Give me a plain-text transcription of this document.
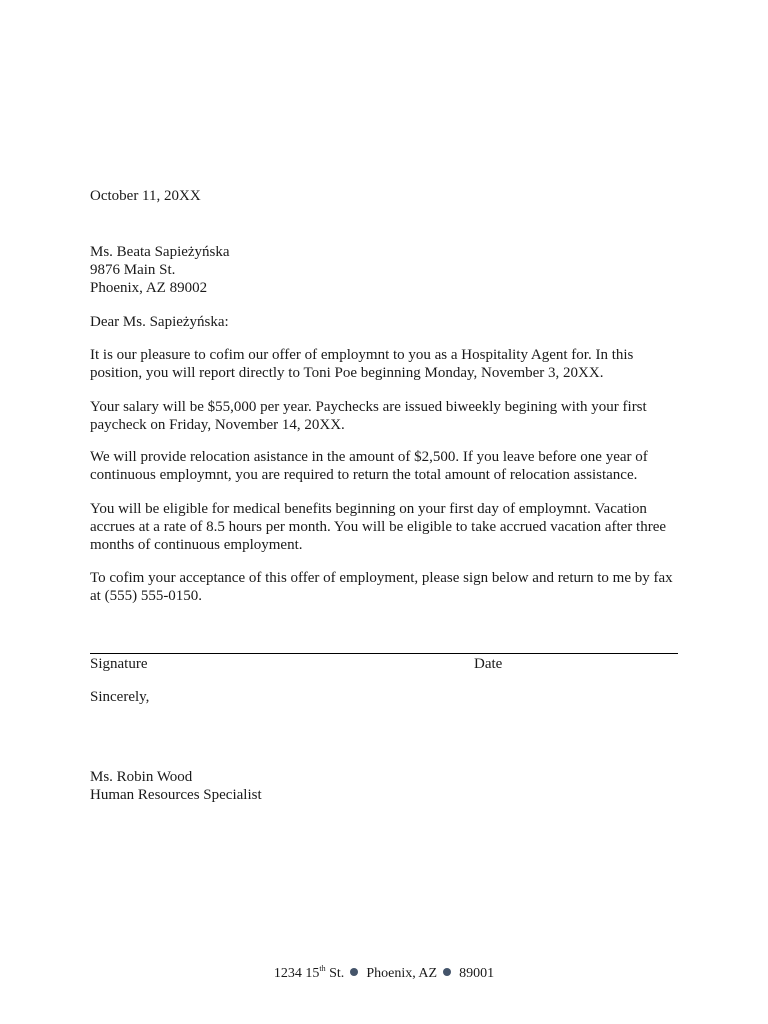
October 11, 20XX

Ms. Beata Sapieżyńska
9876 Main St.
Phoenix, AZ 89002

Dear Ms. Sapieżyńska:

It is our pleasure to cofim our offer of employmnt to you as a Hospitality Agent for. In this
position, you will report directly to Toni Poe beginning Monday, November 3, 20XX.
Your salary will be $55,000 per year. Paychecks are issued biweekly begining with your first
paycheck on Friday, November 14, 20XX.
We will provide relocation asistance in the amount of $2,500. If you leave before one year of
continuous employmnt, you are required to return the total amount of relocation assistance.
You will be eligible for medical benefits beginning on your first day of employmnt. Vacation
accrues at a rate of 8.5 hours per month. You will be eligible to take accrued vacation after three
months of continuous employment.
To cofim your acceptance of this offer of employment, please sign below and return to me by fax
at (555) 555-0150.
Signature	Date

Sincerely,

Ms. Robin Wood
Human Resources Specialist
1234 15th St. Phoenix, AZ 89001
